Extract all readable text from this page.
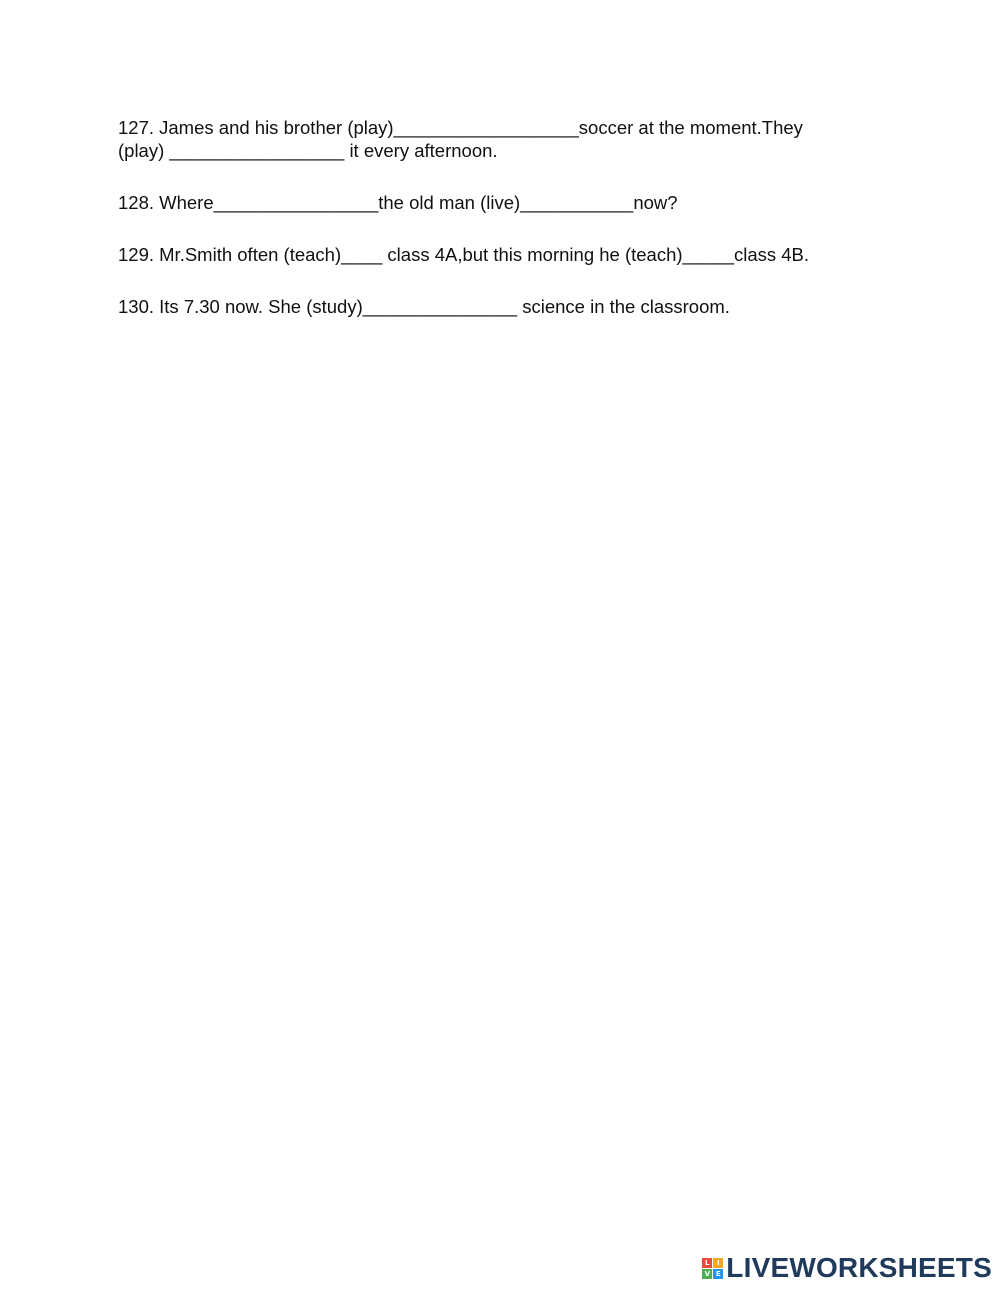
127. James and his brother (play)__________________soccer at the moment.They
(play) _________________ it every afternoon.

128. Where________________the old man (live)___________now?

129. Mr.Smith often (teach)____ class 4A,but this morning he (teach)_____class 4B.

130. Its 7.30 now. She (study)_______________ science in the classroom.

L	I
V E LIVEWORKSHEETS
